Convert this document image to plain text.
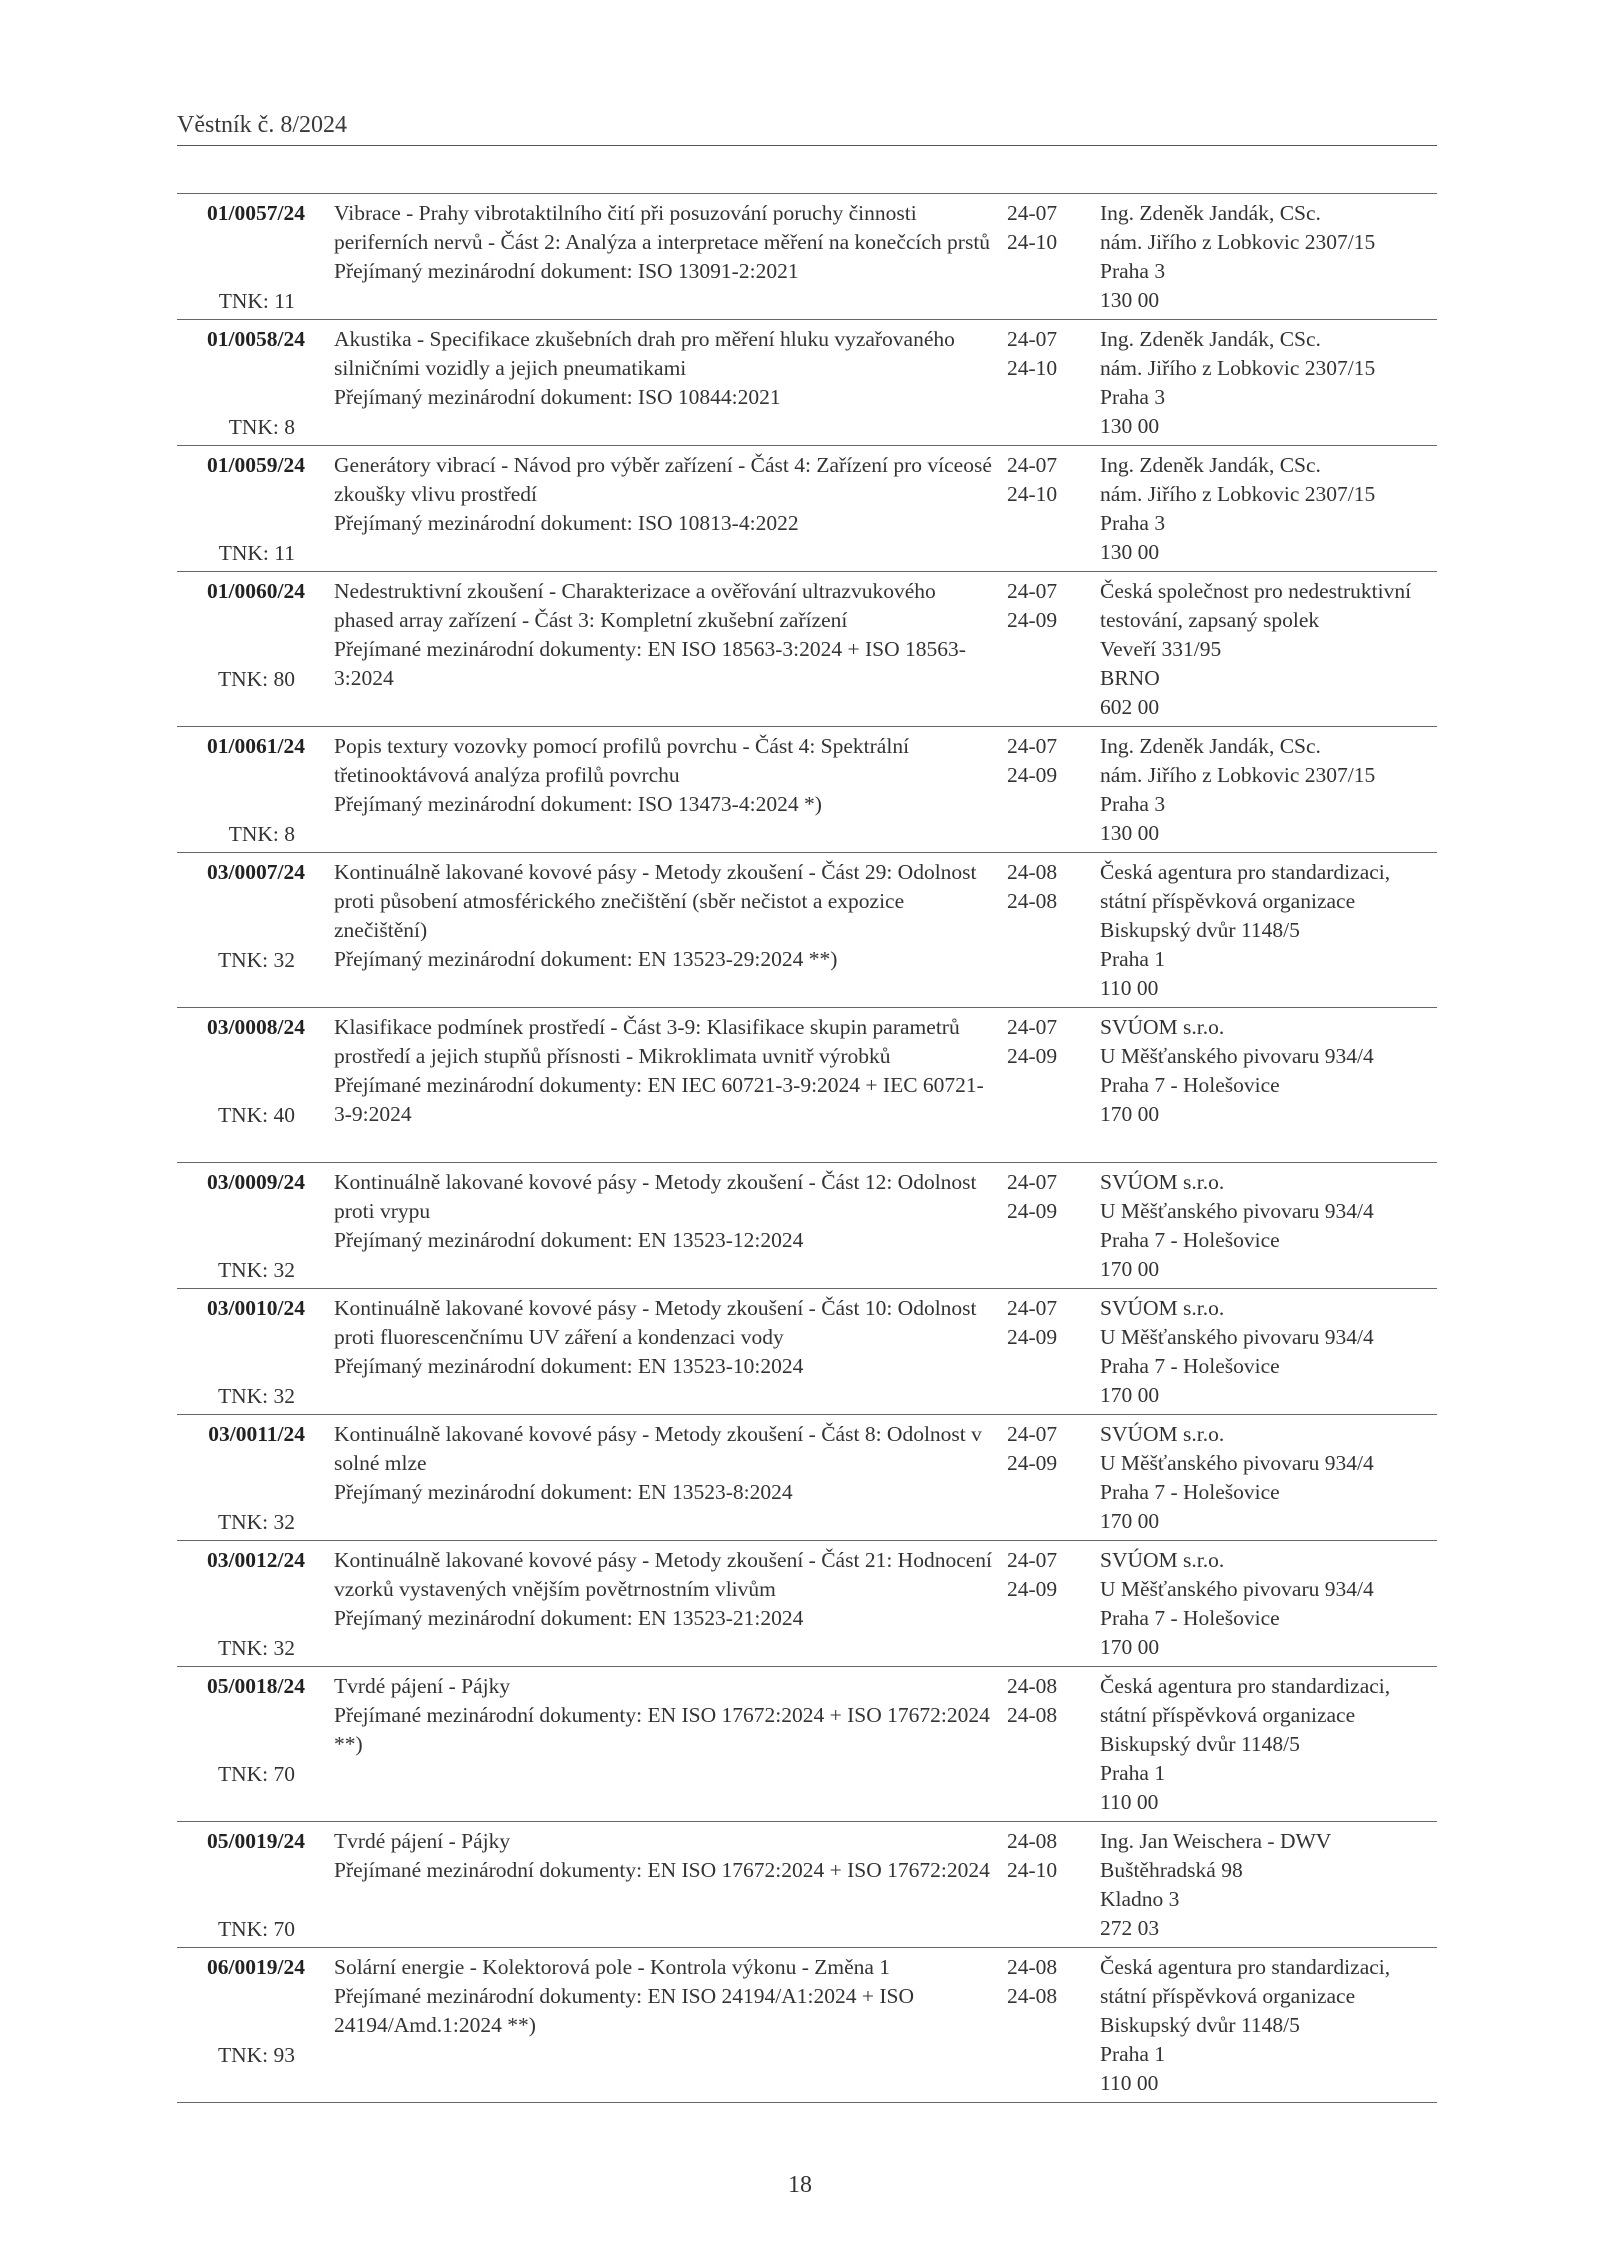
Věstník č. 8/2024
01/0057/24
TNK: 11
Vibrace - Prahy vibrotaktilního čití při posuzování poruchy činnosti periferních nervů - Část 2: Analýza a interpretace měření na konečcích prstů
Přejímaný mezinárodní dokument: ISO 13091-2:2021
24-07
24-10
Ing. Zdeněk Jandák, CSc.
nám. Jiřího z Lobkovic 2307/15
Praha 3
130 00
01/0058/24
TNK: 8
Akustika - Specifikace zkušebních drah pro měření hluku vyzařovaného silničními vozidly a jejich pneumatikami
Přejímaný mezinárodní dokument: ISO 10844:2021
24-07
24-10
Ing. Zdeněk Jandák, CSc.
nám. Jiřího z Lobkovic 2307/15
Praha 3
130 00
01/0059/24
TNK: 11
Generátory vibrací - Návod pro výběr zařízení - Část 4: Zařízení pro víceosé zkoušky vlivu prostředí
Přejímaný mezinárodní dokument: ISO 10813-4:2022
24-07
24-10
Ing. Zdeněk Jandák, CSc.
nám. Jiřího z Lobkovic 2307/15
Praha 3
130 00
01/0060/24
TNK: 80
Nedestruktivní zkoušení - Charakterizace a ověřování ultrazvukového phased array zařízení - Část 3: Kompletní zkušební zařízení
Přejímané mezinárodní dokumenty: EN ISO 18563-3:2024 + ISO 18563-3:2024
24-07
24-09
Česká společnost pro nedestruktivní
testování, zapsaný spolek
Veveří 331/95
BRNO
602 00
01/0061/24
TNK: 8
Popis textury vozovky pomocí profilů povrchu - Část 4: Spektrální třetinooktávová analýza profilů povrchu
Přejímaný mezinárodní dokument: ISO 13473-4:2024 *)
24-07
24-09
Ing. Zdeněk Jandák, CSc.
nám. Jiřího z Lobkovic 2307/15
Praha 3
130 00
03/0007/24
TNK: 32
Kontinuálně lakované kovové pásy - Metody zkoušení - Část 29: Odolnost proti působení atmosférického znečištění (sběr nečistot a expozice znečištění)
Přejímaný mezinárodní dokument: EN 13523-29:2024 **)
24-08
24-08
Česká agentura pro standardizaci,
státní příspěvková organizace
Biskupský dvůr 1148/5
Praha 1
110 00
03/0008/24
TNK: 40
Klasifikace podmínek prostředí - Část 3-9: Klasifikace skupin parametrů prostředí a jejich stupňů přísnosti - Mikroklimata uvnitř výrobků
Přejímané mezinárodní dokumenty: EN IEC 60721-3-9:2024 + IEC 60721-3-9:2024
24-07
24-09
SVÚOM s.r.o.
U Měšťanského pivovaru 934/4
Praha 7 - Holešovice
170 00
03/0009/24
TNK: 32
Kontinuálně lakované kovové pásy - Metody zkoušení - Část 12: Odolnost proti vrypu
Přejímaný mezinárodní dokument: EN 13523-12:2024
24-07
24-09
SVÚOM s.r.o.
U Měšťanského pivovaru 934/4
Praha 7 - Holešovice
170 00
03/0010/24
TNK: 32
Kontinuálně lakované kovové pásy - Metody zkoušení - Část 10: Odolnost proti fluorescenčnímu UV záření a kondenzaci vody
Přejímaný mezinárodní dokument: EN 13523-10:2024
24-07
24-09
SVÚOM s.r.o.
U Měšťanského pivovaru 934/4
Praha 7 - Holešovice
170 00
03/0011/24
TNK: 32
Kontinuálně lakované kovové pásy - Metody zkoušení - Část 8: Odolnost v solné mlze
Přejímaný mezinárodní dokument: EN 13523-8:2024
24-07
24-09
SVÚOM s.r.o.
U Měšťanského pivovaru 934/4
Praha 7 - Holešovice
170 00
03/0012/24
TNK: 32
Kontinuálně lakované kovové pásy - Metody zkoušení - Část 21: Hodnocení vzorků vystavených vnějším povětrnostním vlivům
Přejímaný mezinárodní dokument: EN 13523-21:2024
24-07
24-09
SVÚOM s.r.o.
U Měšťanského pivovaru 934/4
Praha 7 - Holešovice
170 00
05/0018/24
TNK: 70
Tvrdé pájení - Pájky
Přejímané mezinárodní dokumenty: EN ISO 17672:2024 + ISO 17672:2024 **)
24-08
24-08
Česká agentura pro standardizaci,
státní příspěvková organizace
Biskupský dvůr 1148/5
Praha 1
110 00
05/0019/24
TNK: 70
Tvrdé pájení - Pájky
Přejímané mezinárodní dokumenty: EN ISO 17672:2024 + ISO 17672:2024
24-08
24-10
Ing. Jan Weischera - DWV
Buštěhradská 98
Kladno 3
272 03
06/0019/24
TNK: 93
Solární energie - Kolektorová pole - Kontrola výkonu - Změna 1
Přejímané mezinárodní dokumenty: EN ISO 24194/A1:2024 + ISO 24194/Amd.1:2024 **)
24-08
24-08
Česká agentura pro standardizaci,
státní příspěvková organizace
Biskupský dvůr 1148/5
Praha 1
110 00
18
